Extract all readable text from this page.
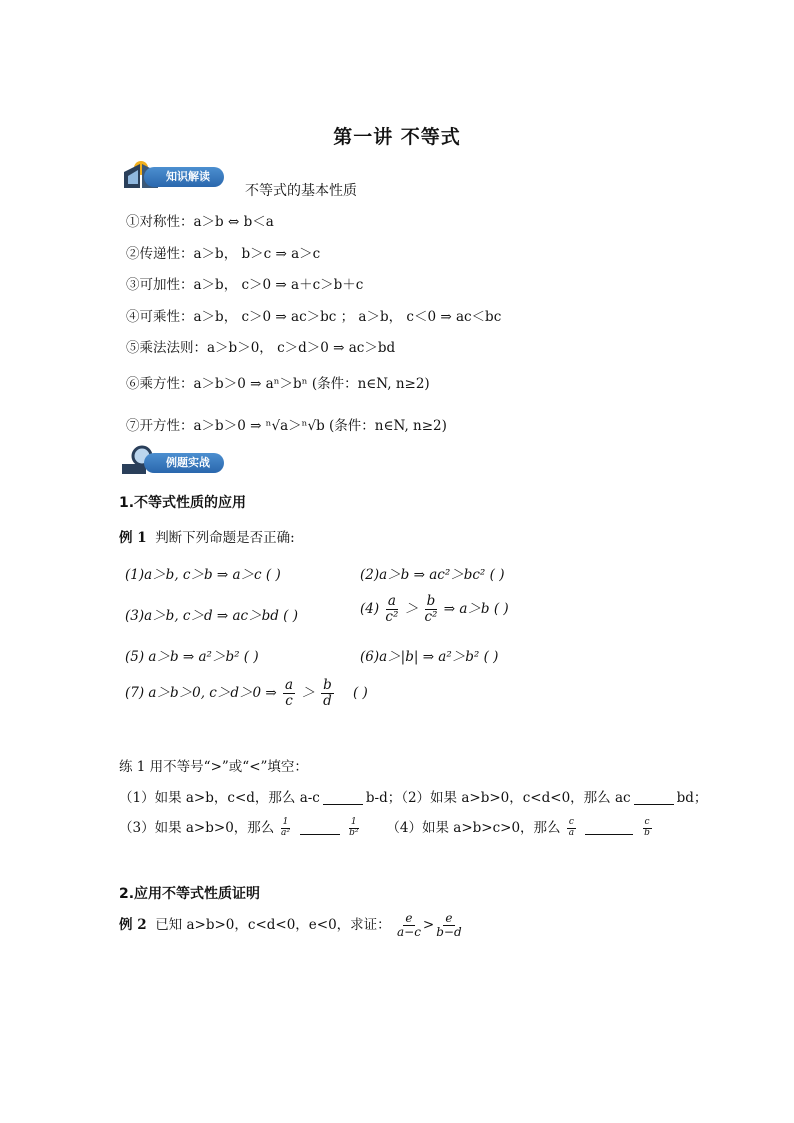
第一讲 不等式
知识解读
不等式的基本性质
①对称性：a＞b ⇔ b＜a
②传递性：a＞b， b＞c ⇒ a＞c
③可加性：a＞b， c＞0 ⇒ a＋c＞b＋c
④可乘性：a＞b， c＞0 ⇒ ac＞bc ； a＞b， c＜0 ⇒ ac＜bc
⑤乘法法则：a＞b＞0， c＞d＞0 ⇒ ac＞bd
⑥乘方性：a＞b＞0 ⇒ aⁿ＞bⁿ (条件：n∈N, n≥2)
⑦开方性：a＞b＞0 ⇒ ⁿ√a＞ⁿ√b (条件：n∈N, n≥2)
例题实战
1.不等式性质的应用
例 1 判断下列命题是否正确:
(1)a＞b, c＞b ⇒ a＞c ( )	(2)a＞b ⇒ ac²＞bc² ( )
(3)a＞b, c＞d ⇒ ac＞bd ( )	$(4) \frac{a}{\text{c²}} > \frac{b}{\text{c²}}$ ⇒ a＞b ( )
(5) a＞b ⇒ a²＞b² ( )	(6)a＞|b| ⇒ a²＞b² ( )
(7) a＞b＞0, c＞d＞0 ⇒ $\frac{a}{c} > \frac{b}{d}$ ( )
练 1 用不等号“>”或“<”填空：
（1）如果 a>b，c<d，那么 a-c	b-d；（2）如果 a>b>0，c<d<0，那么 ac	bd；
（3）如果 a>b>0，那么 $\frac{1}{\text{a²}}$
	$\frac{1}{\text{b²}} (4)$如果 a>b>c>0，那么 $\frac{c}{a}$
	$\frac{c}{b}$
2.应用不等式性质证明
例 2 已知 a>b>0，c<d<0，e<0，求证： $\frac{e}{a-c} > \frac{e}{b-d}$
